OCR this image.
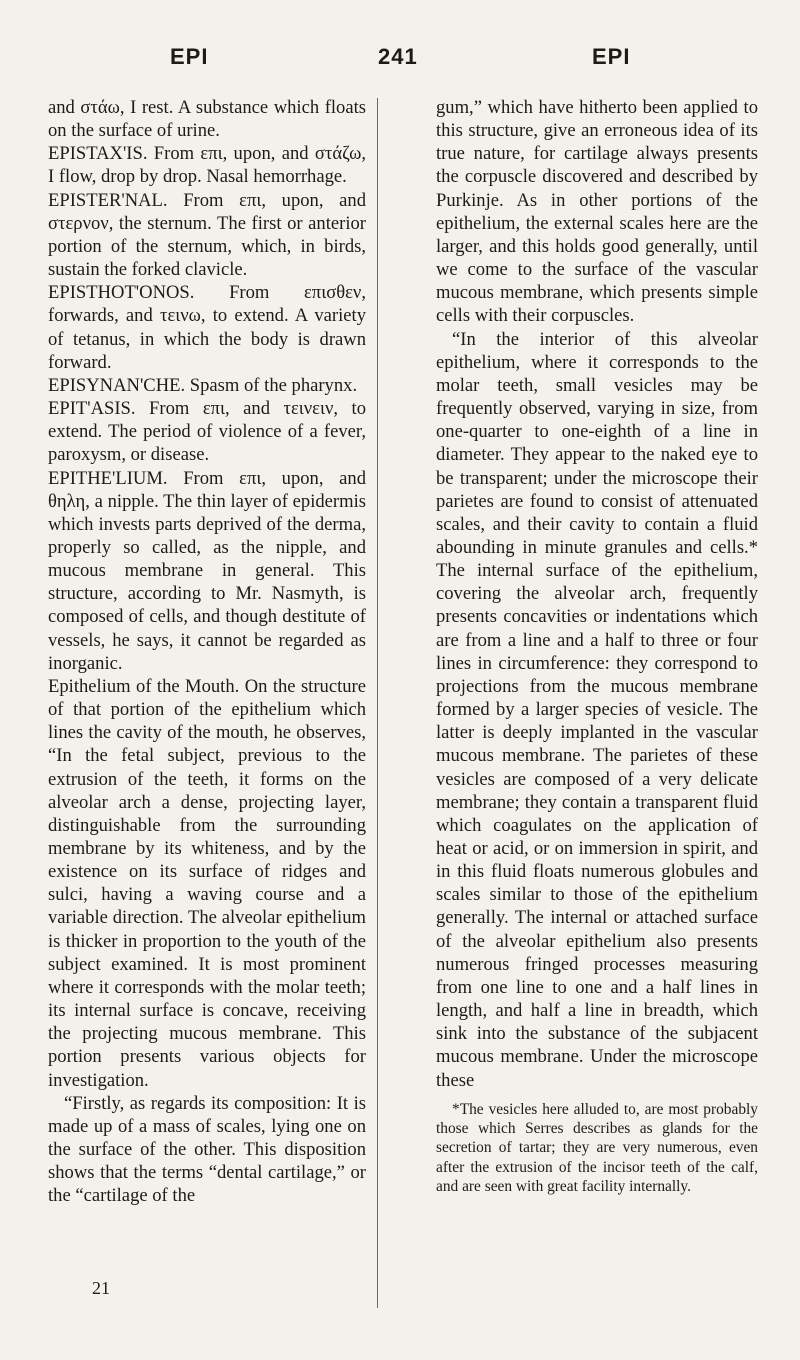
EPI	241	EPI

and στάω, I rest. A substance which floats on the surface of urine.

EPISTAX'IS. From επι, upon, and στάζω, I flow, drop by drop. Nasal hemorrhage.

EPISTER'NAL. From επι, upon, and στερνον, the sternum. The first or anterior portion of the sternum, which, in birds, sustain the forked clavicle.

EPISTHOT'ONOS. From επισθεν, forwards, and τεινω, to extend. A variety of tetanus, in which the body is drawn forward.

EPISYNAN'CHE. Spasm of the pharynx.

EPIT'ASIS. From επι, and τεινειν, to extend. The period of violence of a fever, paroxysm, or disease.

EPITHE'LIUM. From επι, upon, and θηλη, a nipple. The thin layer of epidermis which invests parts deprived of the derma, properly so called, as the nipple, and mucous membrane in general. This structure, according to Mr. Nasmyth, is composed of cells, and though destitute of vessels, he says, it cannot be regarded as inorganic.

Epithelium of the Mouth. On the structure of that portion of the epithelium which lines the cavity of the mouth, he observes, “In the fetal subject, previous to the extrusion of the teeth, it forms on the alveolar arch a dense, projecting layer, distinguishable from the surrounding membrane by its whiteness, and by the existence on its surface of ridges and sulci, having a waving course and a variable direction. The alveolar epithelium is thicker in proportion to the youth of the subject examined. It is most prominent where it corresponds with the molar teeth; its internal surface is concave, receiving the projecting mucous membrane. This portion presents various objects for investigation.

“Firstly, as regards its composition: It is made up of a mass of scales, lying one on the surface of the other. This disposition shows that the terms “dental cartilage,” or the “cartilage of the

gum,” which have hitherto been applied to this structure, give an erroneous idea of its true nature, for cartilage always presents the corpuscle discovered and described by Purkinje. As in other portions of the epithelium, the external scales here are the larger, and this holds good generally, until we come to the surface of the vascular mucous membrane, which presents simple cells with their corpuscles.

“In the interior of this alveolar epithelium, where it corresponds to the molar teeth, small vesicles may be frequently observed, varying in size, from one-quarter to one-eighth of a line in diameter. They appear to the naked eye to be transparent; under the microscope their parietes are found to consist of attenuated scales, and their cavity to contain a fluid abounding in minute granules and cells.* The internal surface of the epithelium, covering the alveolar arch, frequently presents concavities or indentations which are from a line and a half to three or four lines in circumference: they correspond to projections from the mucous membrane formed by a larger species of vesicle. The latter is deeply implanted in the vascular mucous membrane. The parietes of these vesicles are composed of a very delicate membrane; they contain a transparent fluid which coagulates on the application of heat or acid, or on immersion in spirit, and in this fluid floats numerous globules and scales similar to those of the epithelium generally. The internal or attached surface of the alveolar epithelium also presents numerous fringed processes measuring from one line to one and a half lines in length, and half a line in breadth, which sink into the substance of the subjacent mucous membrane. Under the microscope these

*The vesicles here alluded to, are most probably those which Serres describes as glands for the secretion of tartar; they are very numerous, even after the extrusion of the incisor teeth of the calf, and are seen with great facility internally.

21
